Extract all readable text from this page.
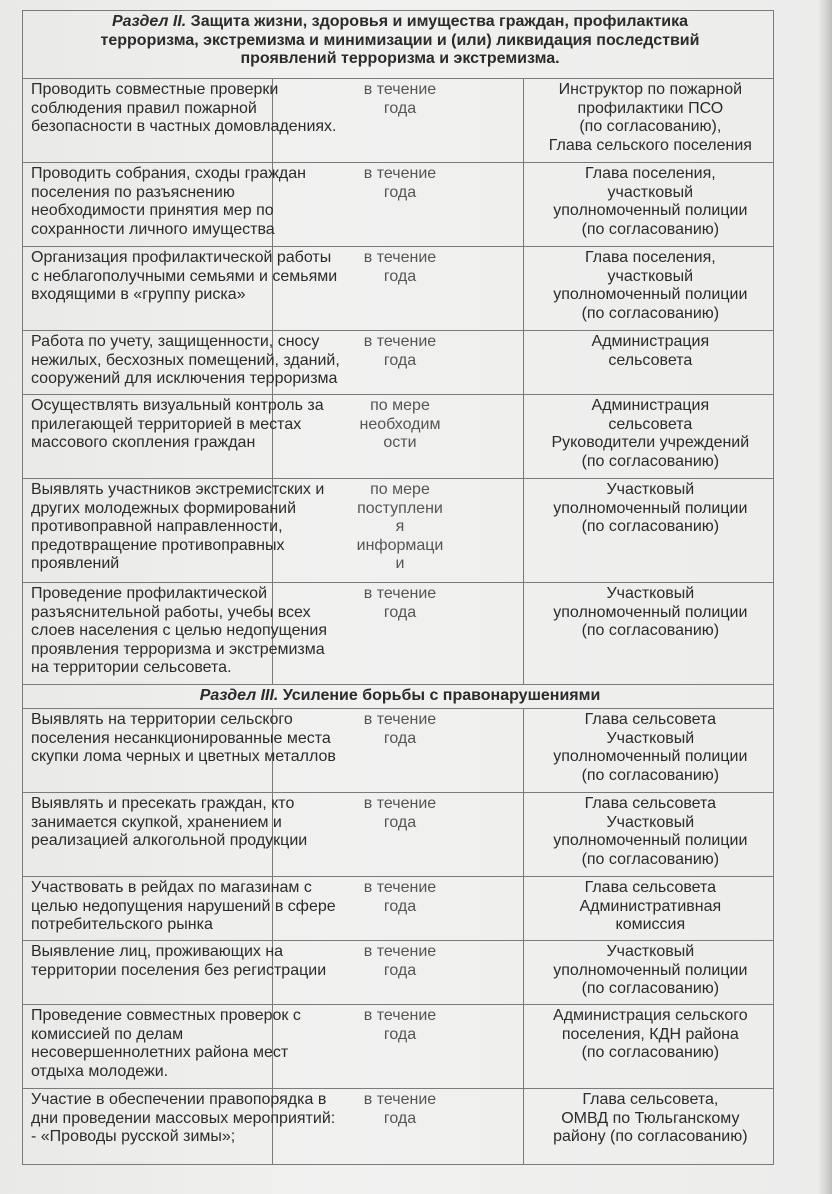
Раздел II. Защита жизни, здоровья и имущества граждан, профилактика
терроризма, экстремизма и минимизации и (или) ликвидация последствий
проявлений терроризма и экстремизма.		

Проводить совместные проверки
соблюдения правил пожарной
безопасности в частных домовладениях.	в течение
года	Инструктор по пожарной
профилактики ПСО
(по согласованию),
Глава сельского поселения

Проводить собрания, сходы граждан
поселения по разъяснению
необходимости принятия мер по
сохранности личного имущества	в течение
года	Глава поселения,
участковый
уполномоченный полиции
(по согласованию)

Организация профилактической работы
с неблагополучными семьями и семьями
входящими в «группу риска»	в течение
года	Глава поселения,
участковый
уполномоченный полиции
(по согласованию)

Работа по учету, защищенности, сносу
нежилых, бесхозных помещений, зданий,
сооружений для исключения терроризма	в течение
года	Администрация
сельсовета

Осуществлять визуальный контроль за
прилегающей территорией в местах
массового скопления граждан	по мере
необходим
ости	Администрация
сельсовета
Руководители учреждений
(по согласованию)

Выявлять участников экстремистских и
других молодежных формирований
противоправной направленности,
предотвращение противоправных
проявлений	по мере
поступлени
я
информаци
и	Участковый
уполномоченный полиции
(по согласованию)

Проведение профилактической
разъяснительной работы, учебы всех
слоев населения с целью недопущения
проявления терроризма и экстремизма
на территории сельсовета.	в течение
года	Участковый
уполномоченный полиции
(по согласованию)

Раздел III. Усиление борьбы с правонарушениями		

Выявлять на территории сельского
поселения несанкционированные места
скупки лома черных и цветных металлов	в течение
года	Глава сельсовета
Участковый
уполномоченный полиции
(по согласованию)

Выявлять и пресекать граждан, кто
занимается скупкой, хранением и
реализацией алкогольной продукции	в течение
года	Глава сельсовета
Участковый
уполномоченный полиции
(по согласованию)

Участвовать в рейдах по магазинам с
целью недопущения нарушений в сфере
потребительского рынка	в течение
года	Глава сельсовета
Административная
комиссия

Выявление лиц, проживающих на
территории поселения без регистрации	в течение
года	Участковый
уполномоченный полиции
(по согласованию)

Проведение совместных проверок с
комиссией по делам
несовершеннолетних района мест
отдыха молодежи.	в течение
года	Администрация сельского
поселения, КДН района
(по согласованию)

Участие в обеспечении правопорядка в
дни проведении массовых мероприятий:
- «Проводы русской зимы»;	в течение
года	Глава сельсовета,
ОМВД по Тюльганскому
району (по согласованию)
